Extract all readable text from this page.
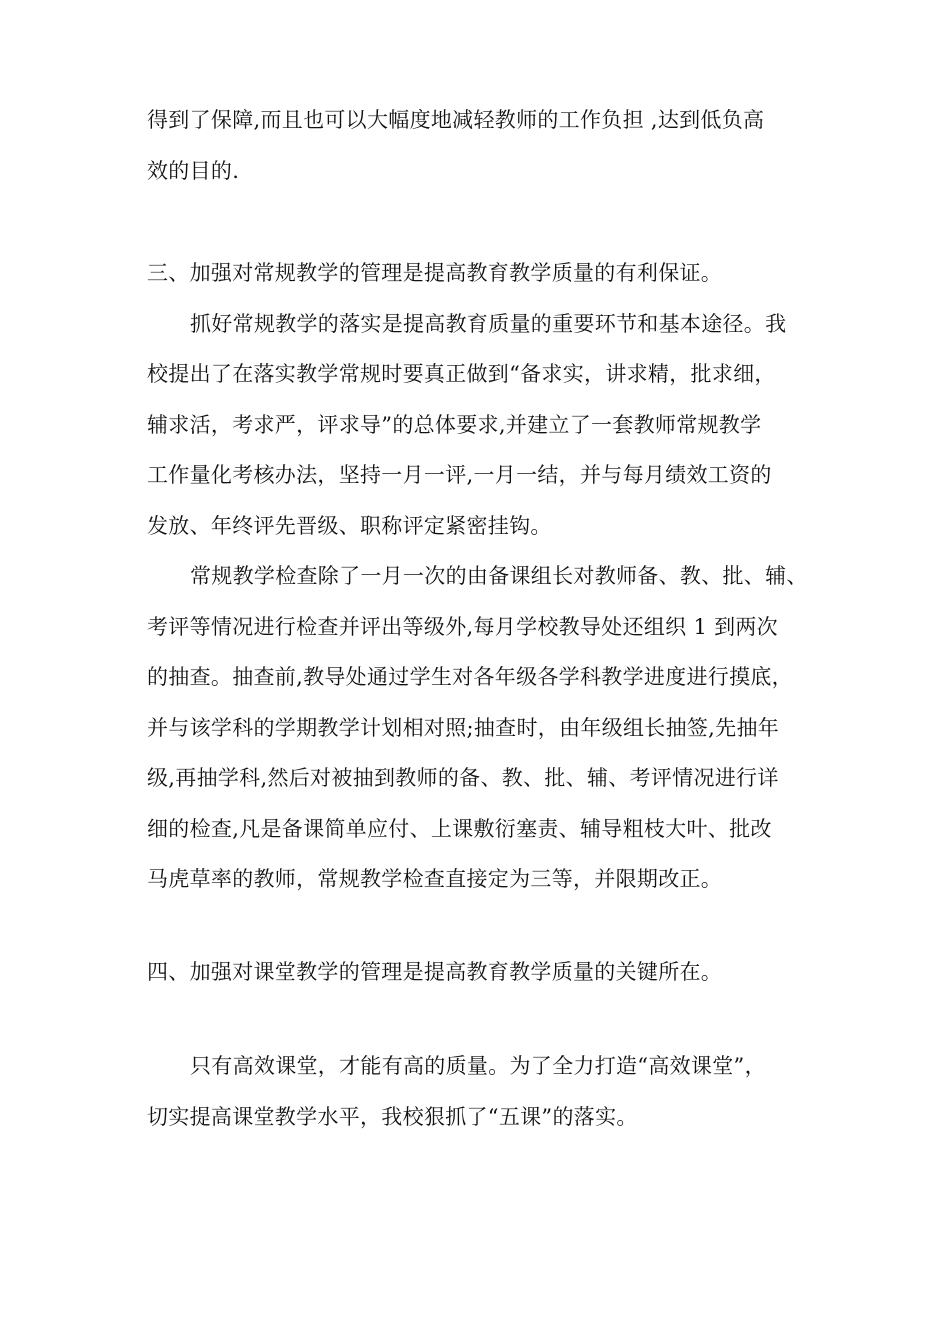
得到了保障,而且也可以大幅度地减轻教师的工作负担 ,达到低负高
效的目的.
三、加强对常规教学的管理是提高教育教学质量的有利保证。
抓好常规教学的落实是提高教育质量的重要环节和基本途径。我
校提出了在落实教学常规时要真正做到“备求实，讲求精，批求细，
辅求活，考求严，评求导”的总体要求,并建立了一套教师常规教学
工作量化考核办法，坚持一月一评,一月一结，并与每月绩效工资的
发放、年终评先晋级、职称评定紧密挂钩。
常规教学检查除了一月一次的由备课组长对教师备、教、批、辅、
考评等情况进行检查并评出等级外,每月学校教导处还组织 1 到两次
的抽查。抽查前,教导处通过学生对各年级各学科教学进度进行摸底，
并与该学科的学期教学计划相对照;抽查时，由年级组长抽签,先抽年
级,再抽学科,然后对被抽到教师的备、教、批、辅、考评情况进行详
细的检查,凡是备课简单应付、上课敷衍塞责、辅导粗枝大叶、批改
马虎草率的教师，常规教学检查直接定为三等，并限期改正。
四、加强对课堂教学的管理是提高教育教学质量的关键所在。
只有高效课堂，才能有高的质量。为了全力打造“高效课堂”，
切实提高课堂教学水平，我校狠抓了“五课”的落实。
